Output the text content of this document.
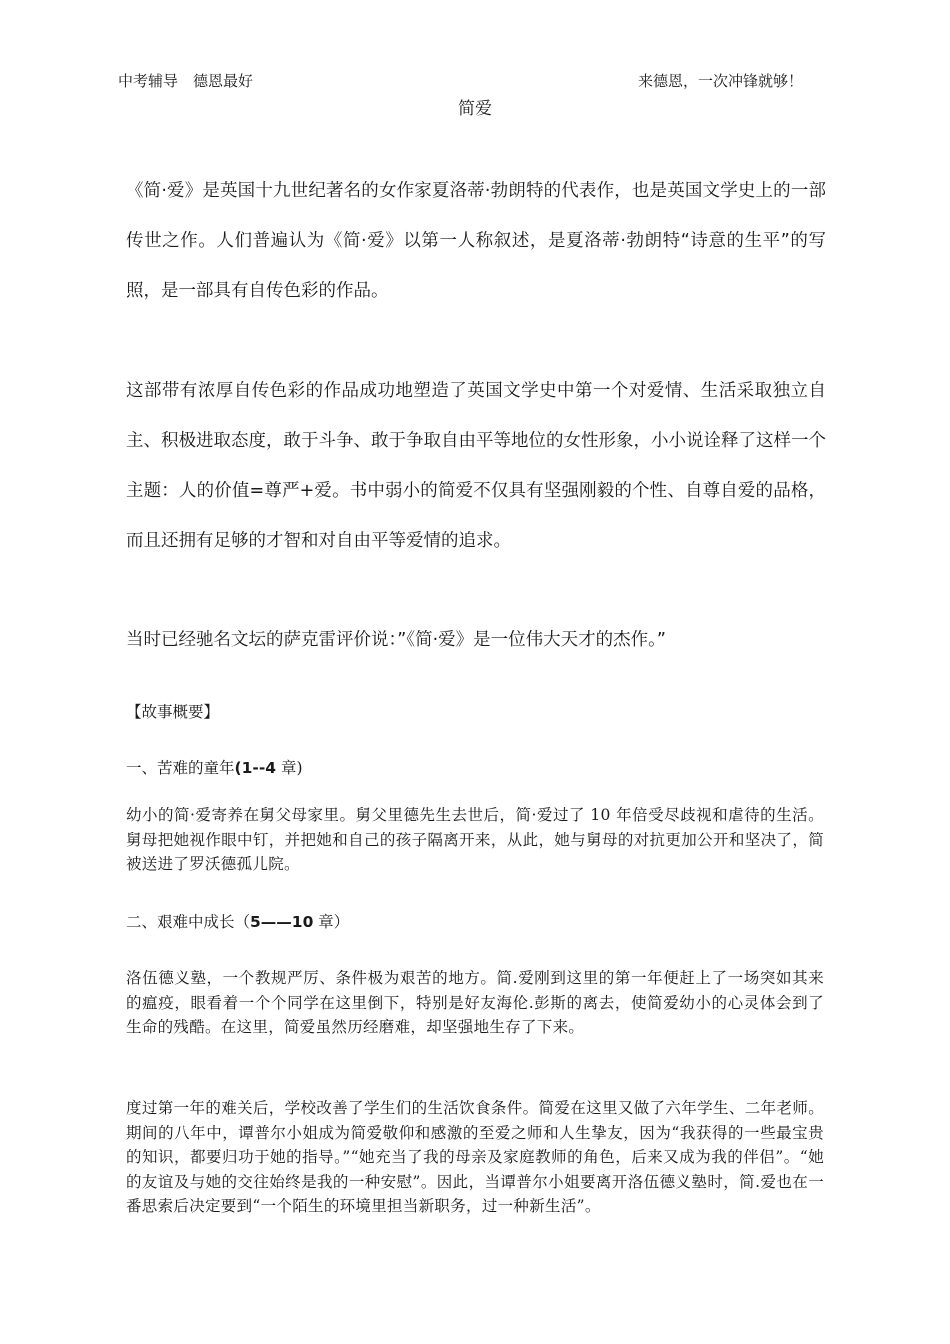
中考辅导　德恩最好	来德恩，一次冲锋就够！
简爱
《简·爱》是英国十九世纪著名的女作家夏洛蒂·勃朗特的代表作，也是英国文学史上的一部传世之作。人们普遍认为《简·爱》以第一人称叙述，是夏洛蒂·勃朗特“诗意的生平”的写照，是一部具有自传色彩的作品。
这部带有浓厚自传色彩的作品成功地塑造了英国文学史中第一个对爱情、生活采取独立自主、积极进取态度，敢于斗争、敢于争取自由平等地位的女性形象，小小说诠释了这样一个主题：人的价值=尊严+爱。书中弱小的简爱不仅具有坚强刚毅的个性、自尊自爱的品格，而且还拥有足够的才智和对自由平等爱情的追求。
当时已经驰名文坛的萨克雷评价说：”《简·爱》是一位伟大天才的杰作。”
【故事概要】
一、苦难的童年(1--4 章)
幼小的简·爱寄养在舅父母家里。舅父里德先生去世后，简·爱过了 10 年倍受尽歧视和虐待的生活。舅母把她视作眼中钉，并把她和自己的孩子隔离开来，从此，她与舅母的对抗更加公开和坚决了，简被送进了罗沃德孤儿院。
二、艰难中成长（5——10 章）
洛伍德义塾，一个教规严厉、条件极为艰苦的地方。简.爱刚到这里的第一年便赶上了一场突如其来的瘟疫，眼看着一个个同学在这里倒下，特别是好友海伦.彭斯的离去，使简爱幼小的心灵体会到了生命的残酷。在这里，简爱虽然历经磨难，却坚强地生存了下来。
度过第一年的难关后，学校改善了学生们的生活饮食条件。简爱在这里又做了六年学生、二年老师。期间的八年中，谭普尔小姐成为简爱敬仰和感激的至爱之师和人生挚友，因为“我获得的一些最宝贵的知识，都要归功于她的指导。”“她充当了我的母亲及家庭教师的角色，后来又成为我的伴侣”。“她的友谊及与她的交往始终是我的一种安慰”。因此，当谭普尔小姐要离开洛伍德义塾时，简.爱也在一番思索后决定要到“一个陌生的环境里担当新职务，过一种新生活”。
